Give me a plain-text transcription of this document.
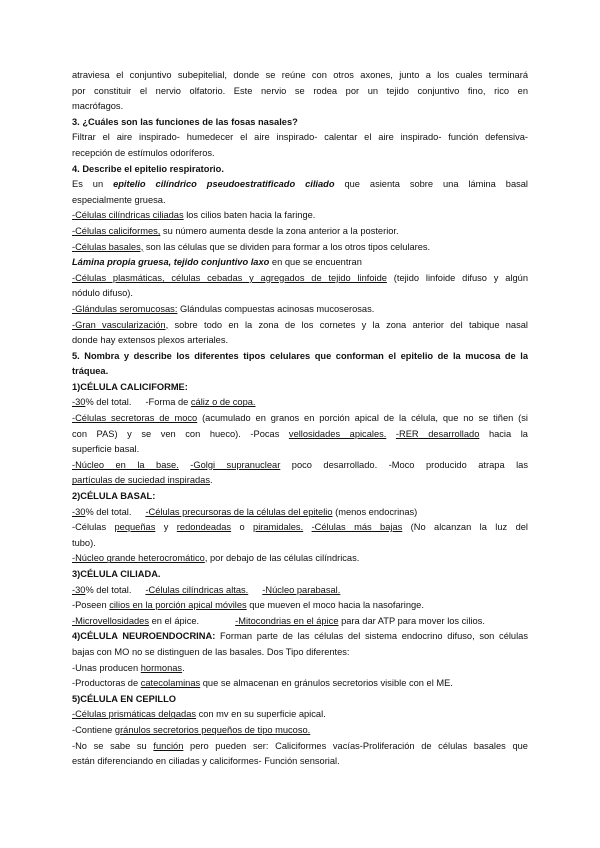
atraviesa el conjuntivo subepitelial, donde se reúne con otros axones, junto a los cuales terminará
por constituir el nervio olfatorio. Este nervio se rodea por un tejido conjuntivo fino, rico en
macrófagos.
3. ¿Cuáles son las funciones de las fosas nasales?
Filtrar el aire inspirado- humedecer el aire inspirado- calentar el aire inspirado- función defensiva-
recepción de estímulos odoríferos.
4. Describe el epitelio respiratorio.
Es un epitelio cilíndrico pseudoestratificado ciliado que asienta sobre una lámina basal
especialmente gruesa.
-Células cilíndricas ciliadas los cilios baten hacia la faringe.
-Células caliciformes, su número aumenta desde la zona anterior a la posterior.
-Células basales, son las células que se dividen para formar a los otros tipos celulares.
Lámina propia gruesa, tejido conjuntivo laxo en que se encuentran
-Células plasmáticas, células cebadas y agregados de tejido linfoide (tejido linfoide difuso y algún
nódulo difuso).
-Glándulas seromucosas: Glándulas compuestas acinosas mucoserosas.
-Gran vascularización, sobre todo en la zona de los cornetes y la zona anterior del tabique nasal
donde hay extensos plexos arteriales.
5. Nombra y describe los diferentes tipos celulares que conforman el epitelio de la mucosa de la
tráquea.
1)CÉLULA CALICIFORME:
-30% del total. -Forma de cáliz o de copa.
-Células secretoras de moco (acumulado en granos en porción apical de la célula, que no se tiñen (si
con PAS) y se ven con hueco). -Pocas vellosidades apicales. -RER desarrollado hacia la
superficie basal.
-Núcleo en la base. -Golgi supranuclear poco desarrollado. -Moco producido atrapa las
partículas de suciedad inspiradas.
2)CÉLULA BASAL:
-30% del total. -Células precursoras de la células del epitelio (menos endocrinas)
-Células pequeñas y redondeadas o piramidales. -Células más bajas (No alcanzan la luz del
tubo).
-Núcleo grande heterocromático, por debajo de las células cilíndricas.
3)CÉLULA CILIADA.
-30% del total. -Células cilíndricas altas. -Núcleo parabasal.
-Poseen cilios en la porción apical móviles que mueven el moco hacia la nasofaringe.
-Microvellosidades en el ápice.	-Mitocondrias en el ápice para dar ATP para mover los cilios.
4)CÉLULA NEUROENDOCRINA: Forman parte de las células del sistema endocrino difuso, son células
bajas con MO no se distinguen de las basales. Dos Tipo diferentes:
-Unas producen hormonas.
-Productoras de catecolaminas que se almacenan en gránulos secretorios visible con el ME.
5)CÉLULA EN CEPILLO
-Células prismáticas delgadas con mv en su superficie apical.
-Contiene gránulos secretorios pequeños de tipo mucoso.
-No se sabe su función pero pueden ser: Caliciformes vacías-Proliferación de células basales que
están diferenciando en ciliadas y caliciformes- Función sensorial.
